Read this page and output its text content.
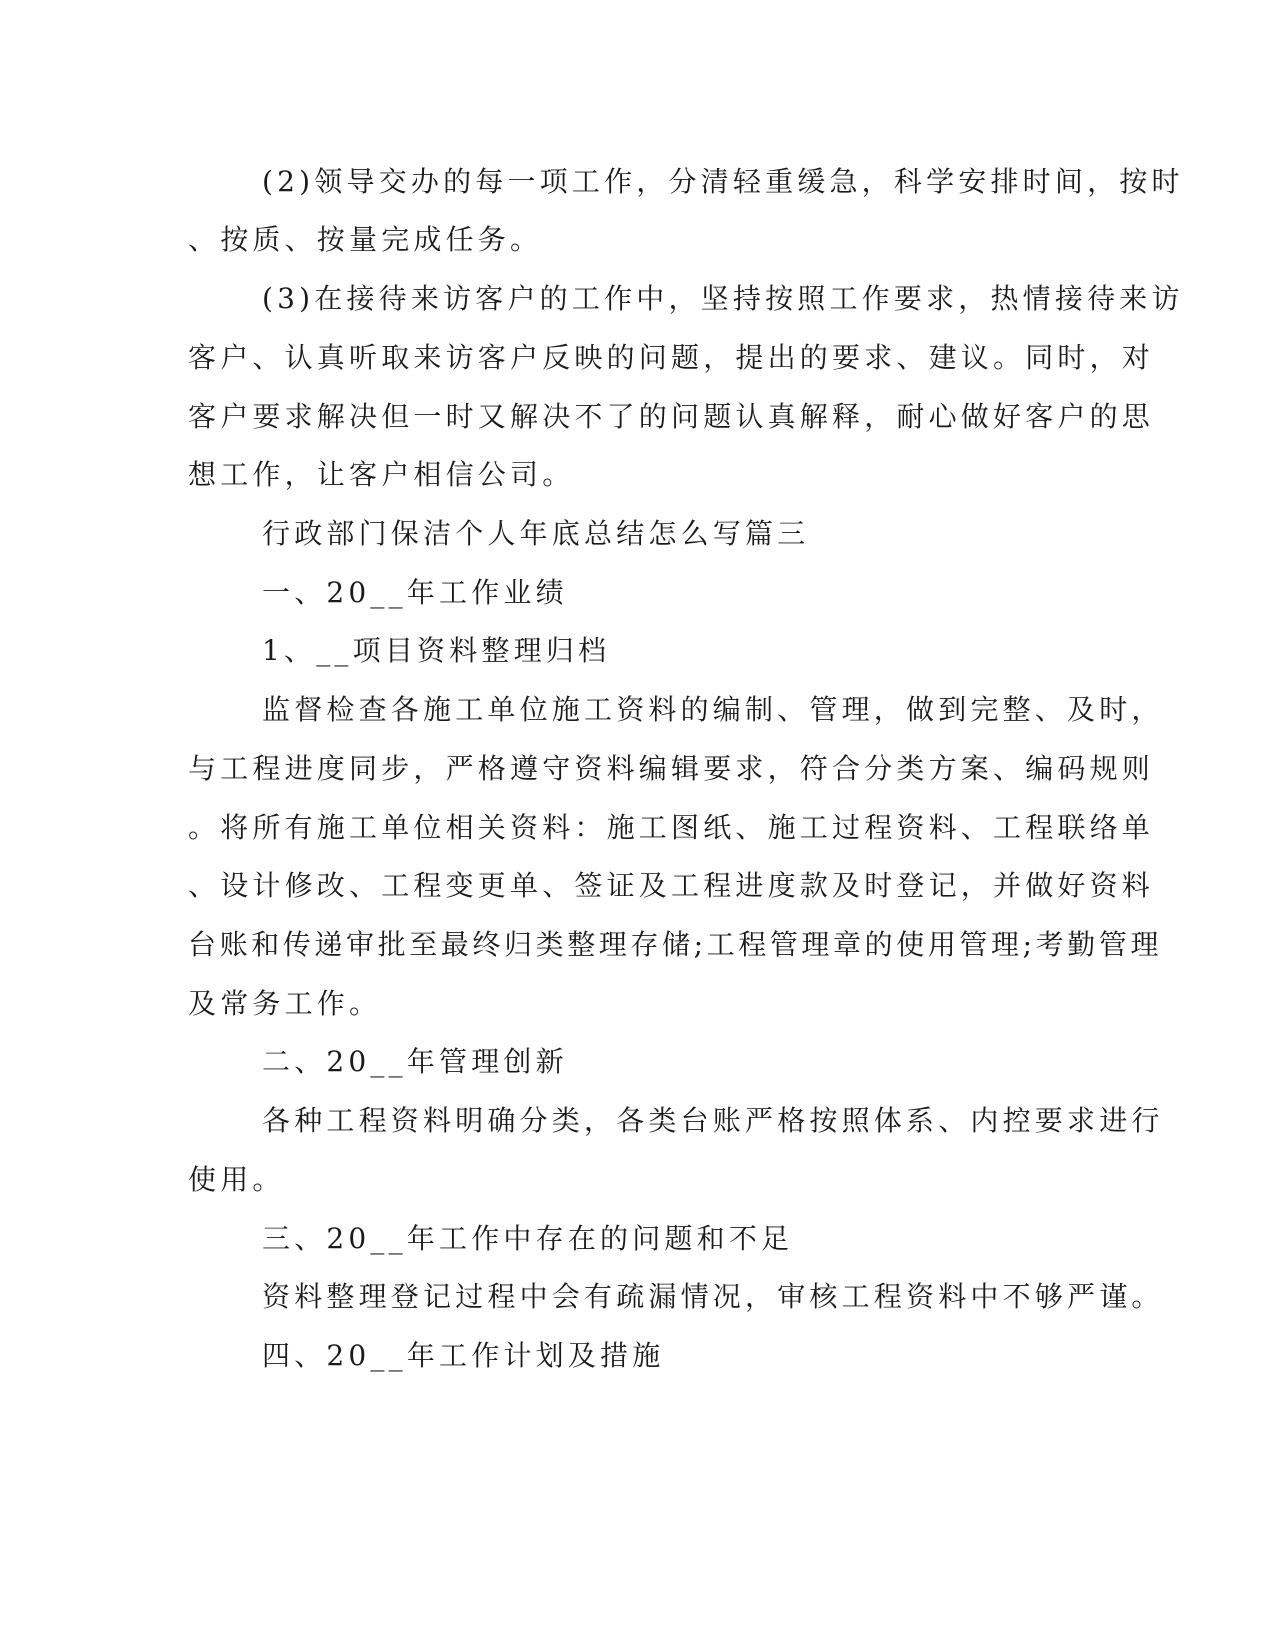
(2)领导交办的每一项工作，分清轻重缓急，科学安排时间，按时
、按质、按量完成任务。
(3)在接待来访客户的工作中，坚持按照工作要求，热情接待来访
客户、认真听取来访客户反映的问题，提出的要求、建议。同时，对
客户要求解决但一时又解决不了的问题认真解释，耐心做好客户的思
想工作，让客户相信公司。
行政部门保洁个人年底总结怎么写篇三
一、20__年工作业绩
1、__项目资料整理归档
监督检查各施工单位施工资料的编制、管理，做到完整、及时，
与工程进度同步，严格遵守资料编辑要求，符合分类方案、编码规则
。将所有施工单位相关资料：施工图纸、施工过程资料、工程联络单
、设计修改、工程变更单、签证及工程进度款及时登记，并做好资料
台账和传递审批至最终归类整理存储;工程管理章的使用管理;考勤管理
及常务工作。
二、20__年管理创新
各种工程资料明确分类，各类台账严格按照体系、内控要求进行
使用。
三、20__年工作中存在的问题和不足
资料整理登记过程中会有疏漏情况，审核工程资料中不够严谨。
四、20__年工作计划及措施
